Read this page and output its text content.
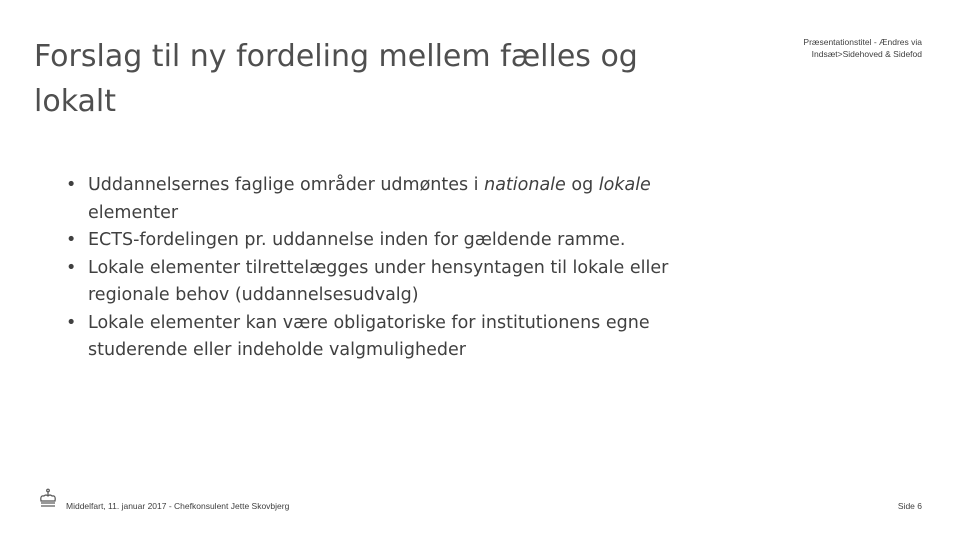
Forslag til ny fordeling mellem fælles og lokalt
Præsentationstitel - Ændres via Indsæt>Sidehoved & Sidefod
• Uddannelsernes faglige områder udmøntes i nationale og lokale elementer
• ECTS-fordelingen pr. uddannelse inden for gældende ramme.
• Lokale elementer tilrettelægges under hensyntagen til lokale eller regionale behov (uddannelsesudvalg)
• Lokale elementer kan være obligatoriske for institutionens egne studerende eller indeholde valgmuligheder
Middelfart, 11. januar 2017 - Chefkonsulent Jette Skovbjerg	Side 6
